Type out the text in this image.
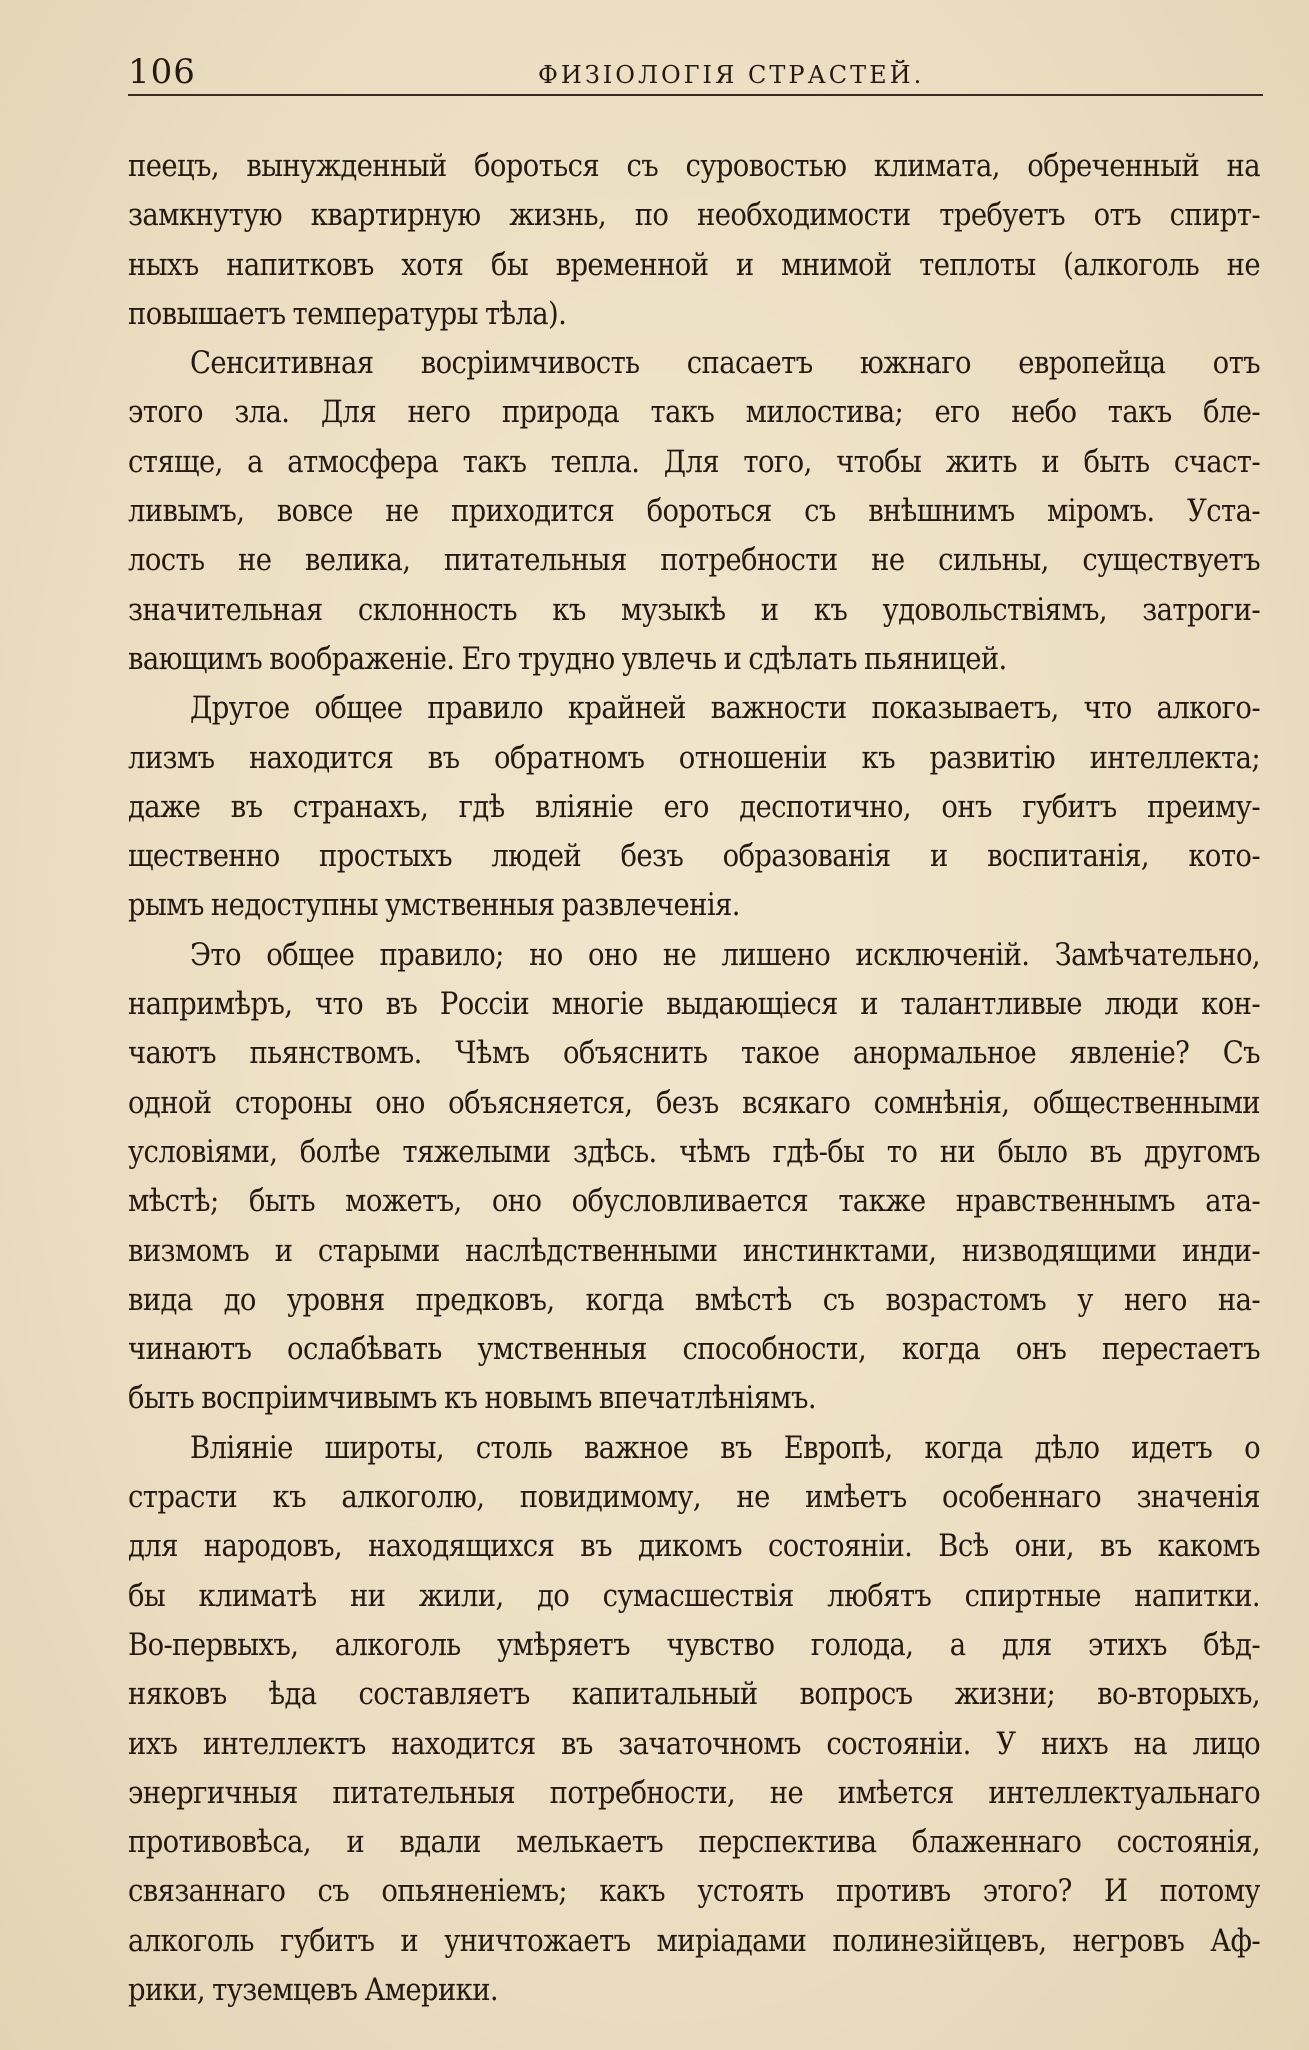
106	ФИЗІОЛОГІЯ СТРАСТЕЙ.
пеецъ, вынужденный бороться съ суровостью климата, обреченный на
замкнутую квартирную жизнь, по необходимости требуетъ отъ спирт-
ныхъ напитковъ хотя бы временной и мнимой теплоты (алкоголь не
повышаетъ температуры тѣла).
Сенситивная восріимчивость спасаетъ южнаго европейца отъ
этого зла. Для него природа такъ милостива; его небо такъ бле-
стяще, а атмосфера такъ тепла. Для того, чтобы жить и быть счаст-
ливымъ, вовсе не приходится бороться съ внѣшнимъ міромъ. Уста-
лость не велика, питательныя потребности не сильны, существуетъ
значительная склонность къ музыкѣ и къ удовольствіямъ, затроги-
вающимъ воображеніе. Его трудно увлечь и сдѣлать пьяницей.
Другое общее правило крайней важности показываетъ, что алкого-
лизмъ находится въ обратномъ отношеніи къ развитію интеллекта;
даже въ странахъ, гдѣ вліяніе его деспотично, онъ губитъ преиму-
щественно простыхъ людей безъ образованія и воспитанія, кото-
рымъ недоступны умственныя развлеченія.
Это общее правило; но оно не лишено исключеній. Замѣчательно,
напримѣръ, что въ Россіи многіе выдающіеся и талантливые люди кон-
чаютъ пьянствомъ. Чѣмъ объяснить такое анормальное явленіе? Съ
одной стороны оно объясняется, безъ всякаго сомнѣнія, общественными
условіями, болѣе тяжелыми здѣсь. чѣмъ гдѣ-бы то ни было въ другомъ
мѣстѣ; быть можетъ, оно обусловливается также нравственнымъ ата-
визмомъ и старыми наслѣдственными инстинктами, низводящими инди-
вида до уровня предковъ, когда вмѣстѣ съ возрастомъ у него на-
чинаютъ ослабѣвать умственныя способности, когда онъ перестаетъ
быть воспріимчивымъ къ новымъ впечатлѣніямъ.
Вліяніе широты, столь важное въ Европѣ, когда дѣло идетъ о
страсти къ алкоголю, повидимому, не имѣетъ особеннаго значенія
для народовъ, находящихся въ дикомъ состояніи. Всѣ они, въ какомъ
бы климатѣ ни жили, до сумасшествія любятъ спиртные напитки.
Во-первыхъ, алкоголь умѣряетъ чувство голода, а для этихъ бѣд-
няковъ ѣда составляетъ капитальный вопросъ жизни; во-вторыхъ,
ихъ интеллектъ находится въ зачаточномъ состояніи. У нихъ на лицо
энергичныя питательныя потребности, не имѣется интеллектуальнаго
противовѣса, и вдали мелькаетъ перспектива блаженнаго состоянія,
связаннаго съ опьяненіемъ; какъ устоять противъ этого? И потому
алкоголь губитъ и уничтожаетъ миріадами полинезійцевъ, негровъ Аф-
рики, туземцевъ Америки.
